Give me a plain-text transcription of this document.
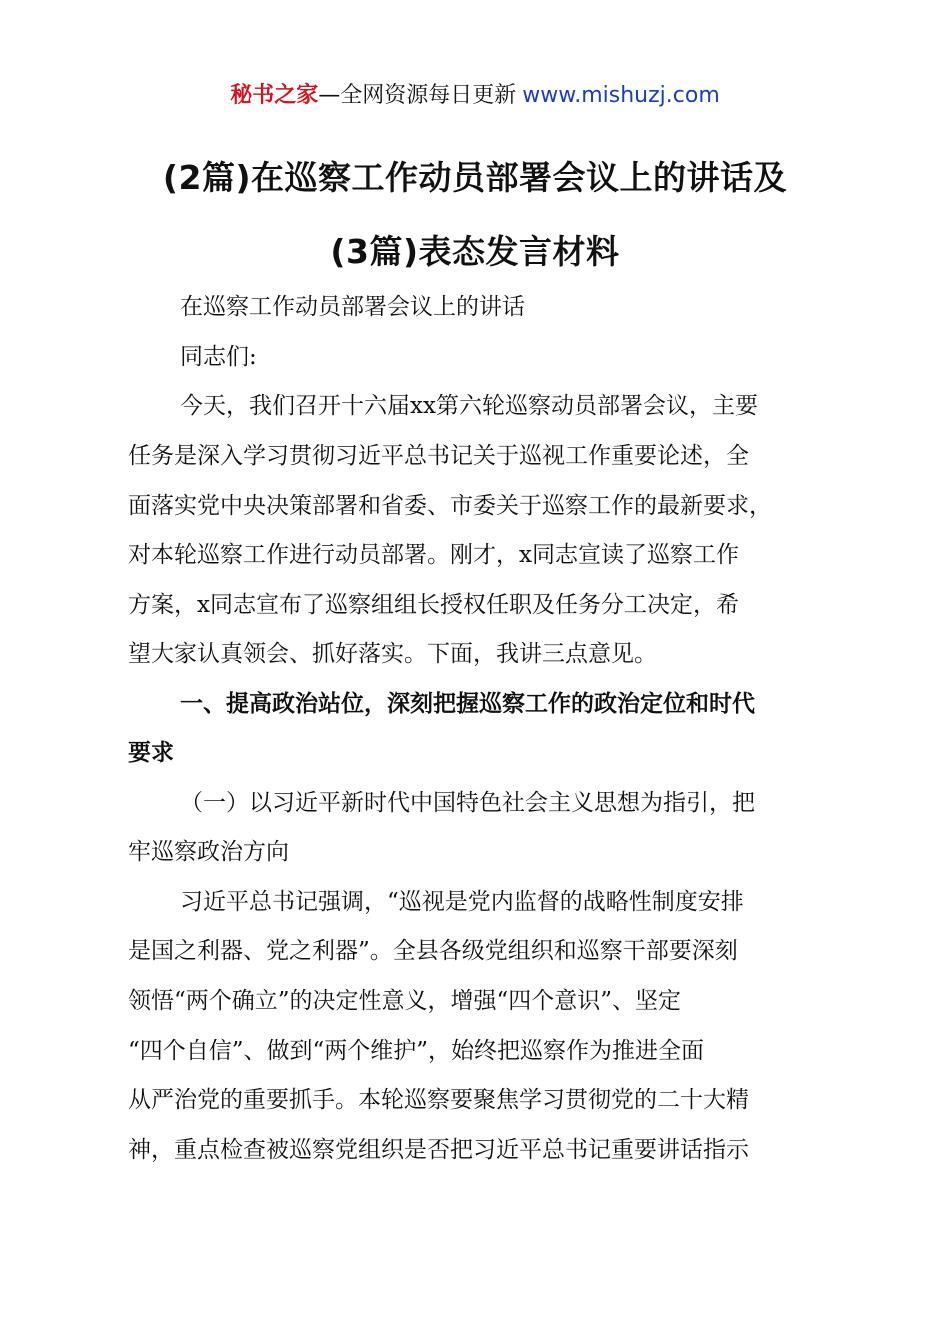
秘书之家—全网资源每日更新 www.mishuzj.com
(2篇)在巡察工作动员部署会议上的讲话及
(3篇)表态发言材料
在巡察工作动员部署会议上的讲话
同志们:
今天，我们召开十六届xx第六轮巡察动员部署会议，主要
任务是深入学习贯彻习近平总书记关于巡视工作重要论述，全
面落实党中央决策部署和省委、市委关于巡察工作的最新要求，
对本轮巡察工作进行动员部署。刚才，x同志宣读了巡察工作
方案，x同志宣布了巡察组组长授权任职及任务分工决定，希
望大家认真领会、抓好落实。下面，我讲三点意见。
一、提高政治站位，深刻把握巡察工作的政治定位和时代
要求
（一）以习近平新时代中国特色社会主义思想为指引，把
牢巡察政治方向
习近平总书记强调，“巡视是党内监督的战略性制度安排
是国之利器、党之利器”。全县各级党组织和巡察干部要深刻
领悟“两个确立”的决定性意义，增强“四个意识”、坚定
“四个自信”、做到“两个维护”，始终把巡察作为推进全面
从严治党的重要抓手。本轮巡察要聚焦学习贯彻党的二十大精
神，重点检查被巡察党组织是否把习近平总书记重要讲话指示
